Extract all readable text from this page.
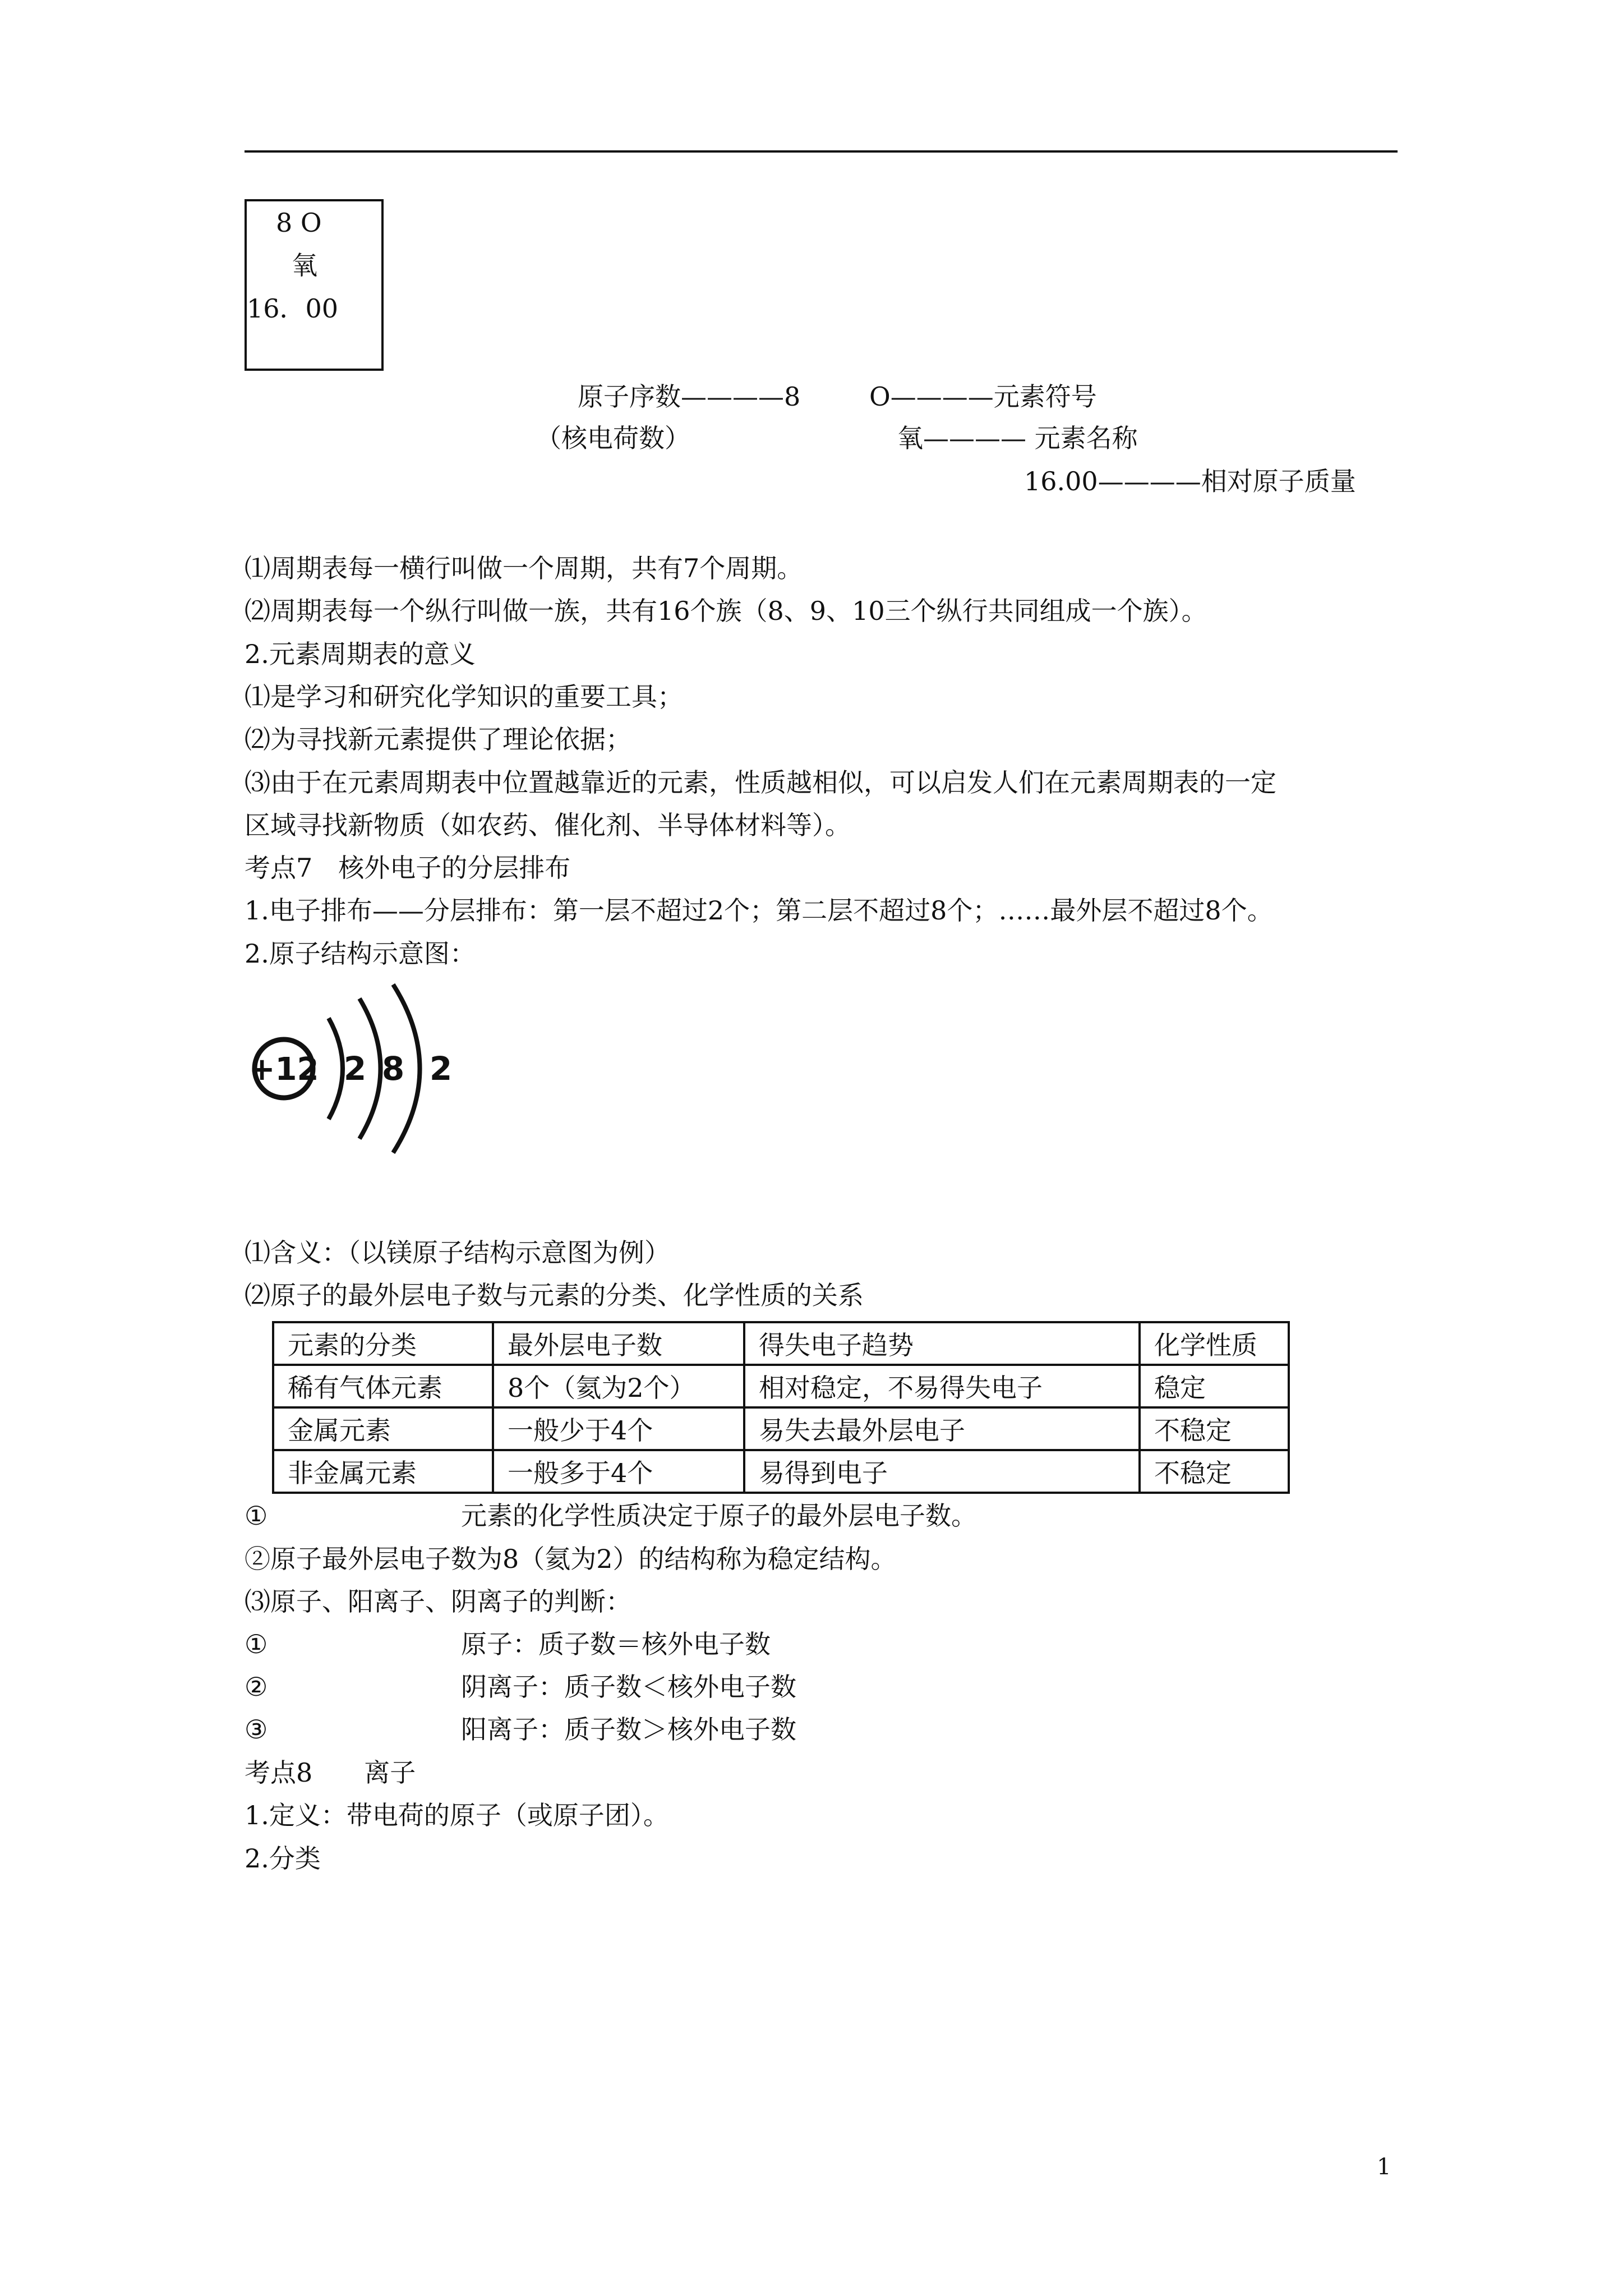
8 O
氧
16．00
原子序数————8	O————元素符号
（核电荷数）	氧———— 元素名称
16.00————相对原子质量
⑴周期表每一横行叫做一个周期，共有7个周期。
⑵周期表每一个纵行叫做一族，共有16个族（8、9、10三个纵行共同组成一个族）。
2.元素周期表的意义
⑴是学习和研究化学知识的重要工具；
⑵为寻找新元素提供了理论依据；
⑶由于在元素周期表中位置越靠近的元素，性质越相似，可以启发人们在元素周期表的一定
区域寻找新物质（如农药、催化剂、半导体材料等）。
考点7　核外电子的分层排布
1.电子排布——分层排布：第一层不超过2个；第二层不超过8个；……最外层不超过8个。
2.原子结构示意图：
+12 2 8 2
⑴含义：（以镁原子结构示意图为例）
⑵原子的最外层电子数与元素的分类、化学性质的关系
元素的分类	最外层电子数	得失电子趋势	化学性质
稀有气体元素	8个（氦为2个）	相对稳定，不易得失电子	稳定
金属元素	一般少于4个	易失去最外层电子	不稳定
非金属元素	一般多于4个	易得到电子	不稳定
①	元素的化学性质决定于原子的最外层电子数。
②原子最外层电子数为8（氦为2）的结构称为稳定结构。
⑶原子、阳离子、阴离子的判断：
①	原子：质子数＝核外电子数
②	阴离子：质子数＜核外电子数
③	阳离子：质子数＞核外电子数
考点8　　离子
1.定义：带电荷的原子（或原子团）。
2.分类
1
